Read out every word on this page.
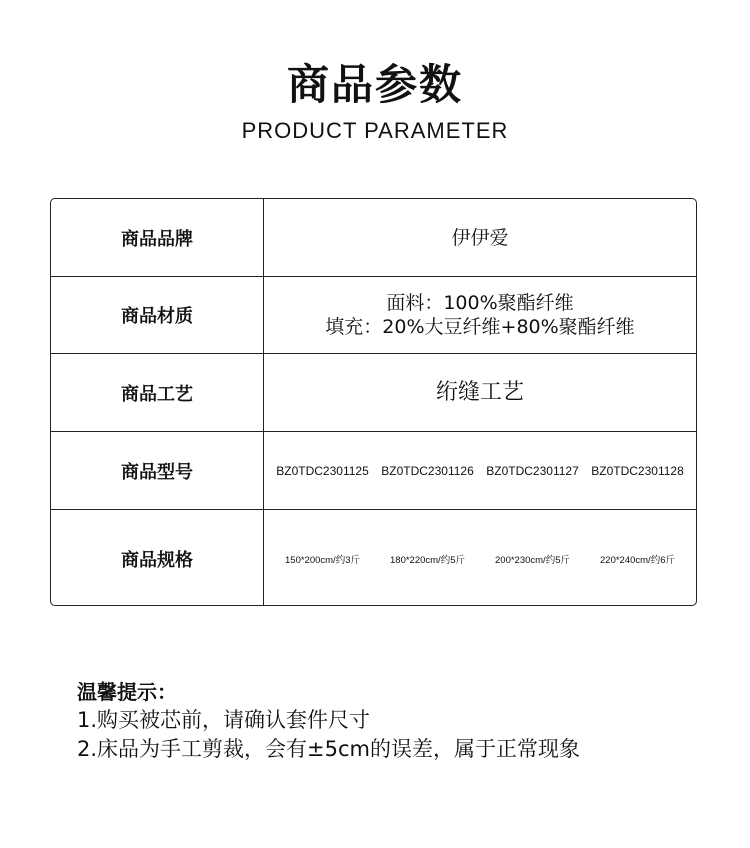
商品参数
PRODUCT PARAMETER
商品品牌	伊伊爱
商品材质
面料：100%聚酯纤维
填充：20%大豆纤维+80%聚酯纤维
商品工艺	绗缝工艺
商品型号	BZ0TDC2301125 BZ0TDC2301126 BZ0TDC2301127 BZ0TDC2301128
商品规格	150*200cm/约3斤	180*220cm/约5斤	200*230cm/约5斤	220*240cm/约6斤
温馨提示：
1.购买被芯前，请确认套件尺寸
2.床品为手工剪裁，会有±5cm的误差，属于正常现象
